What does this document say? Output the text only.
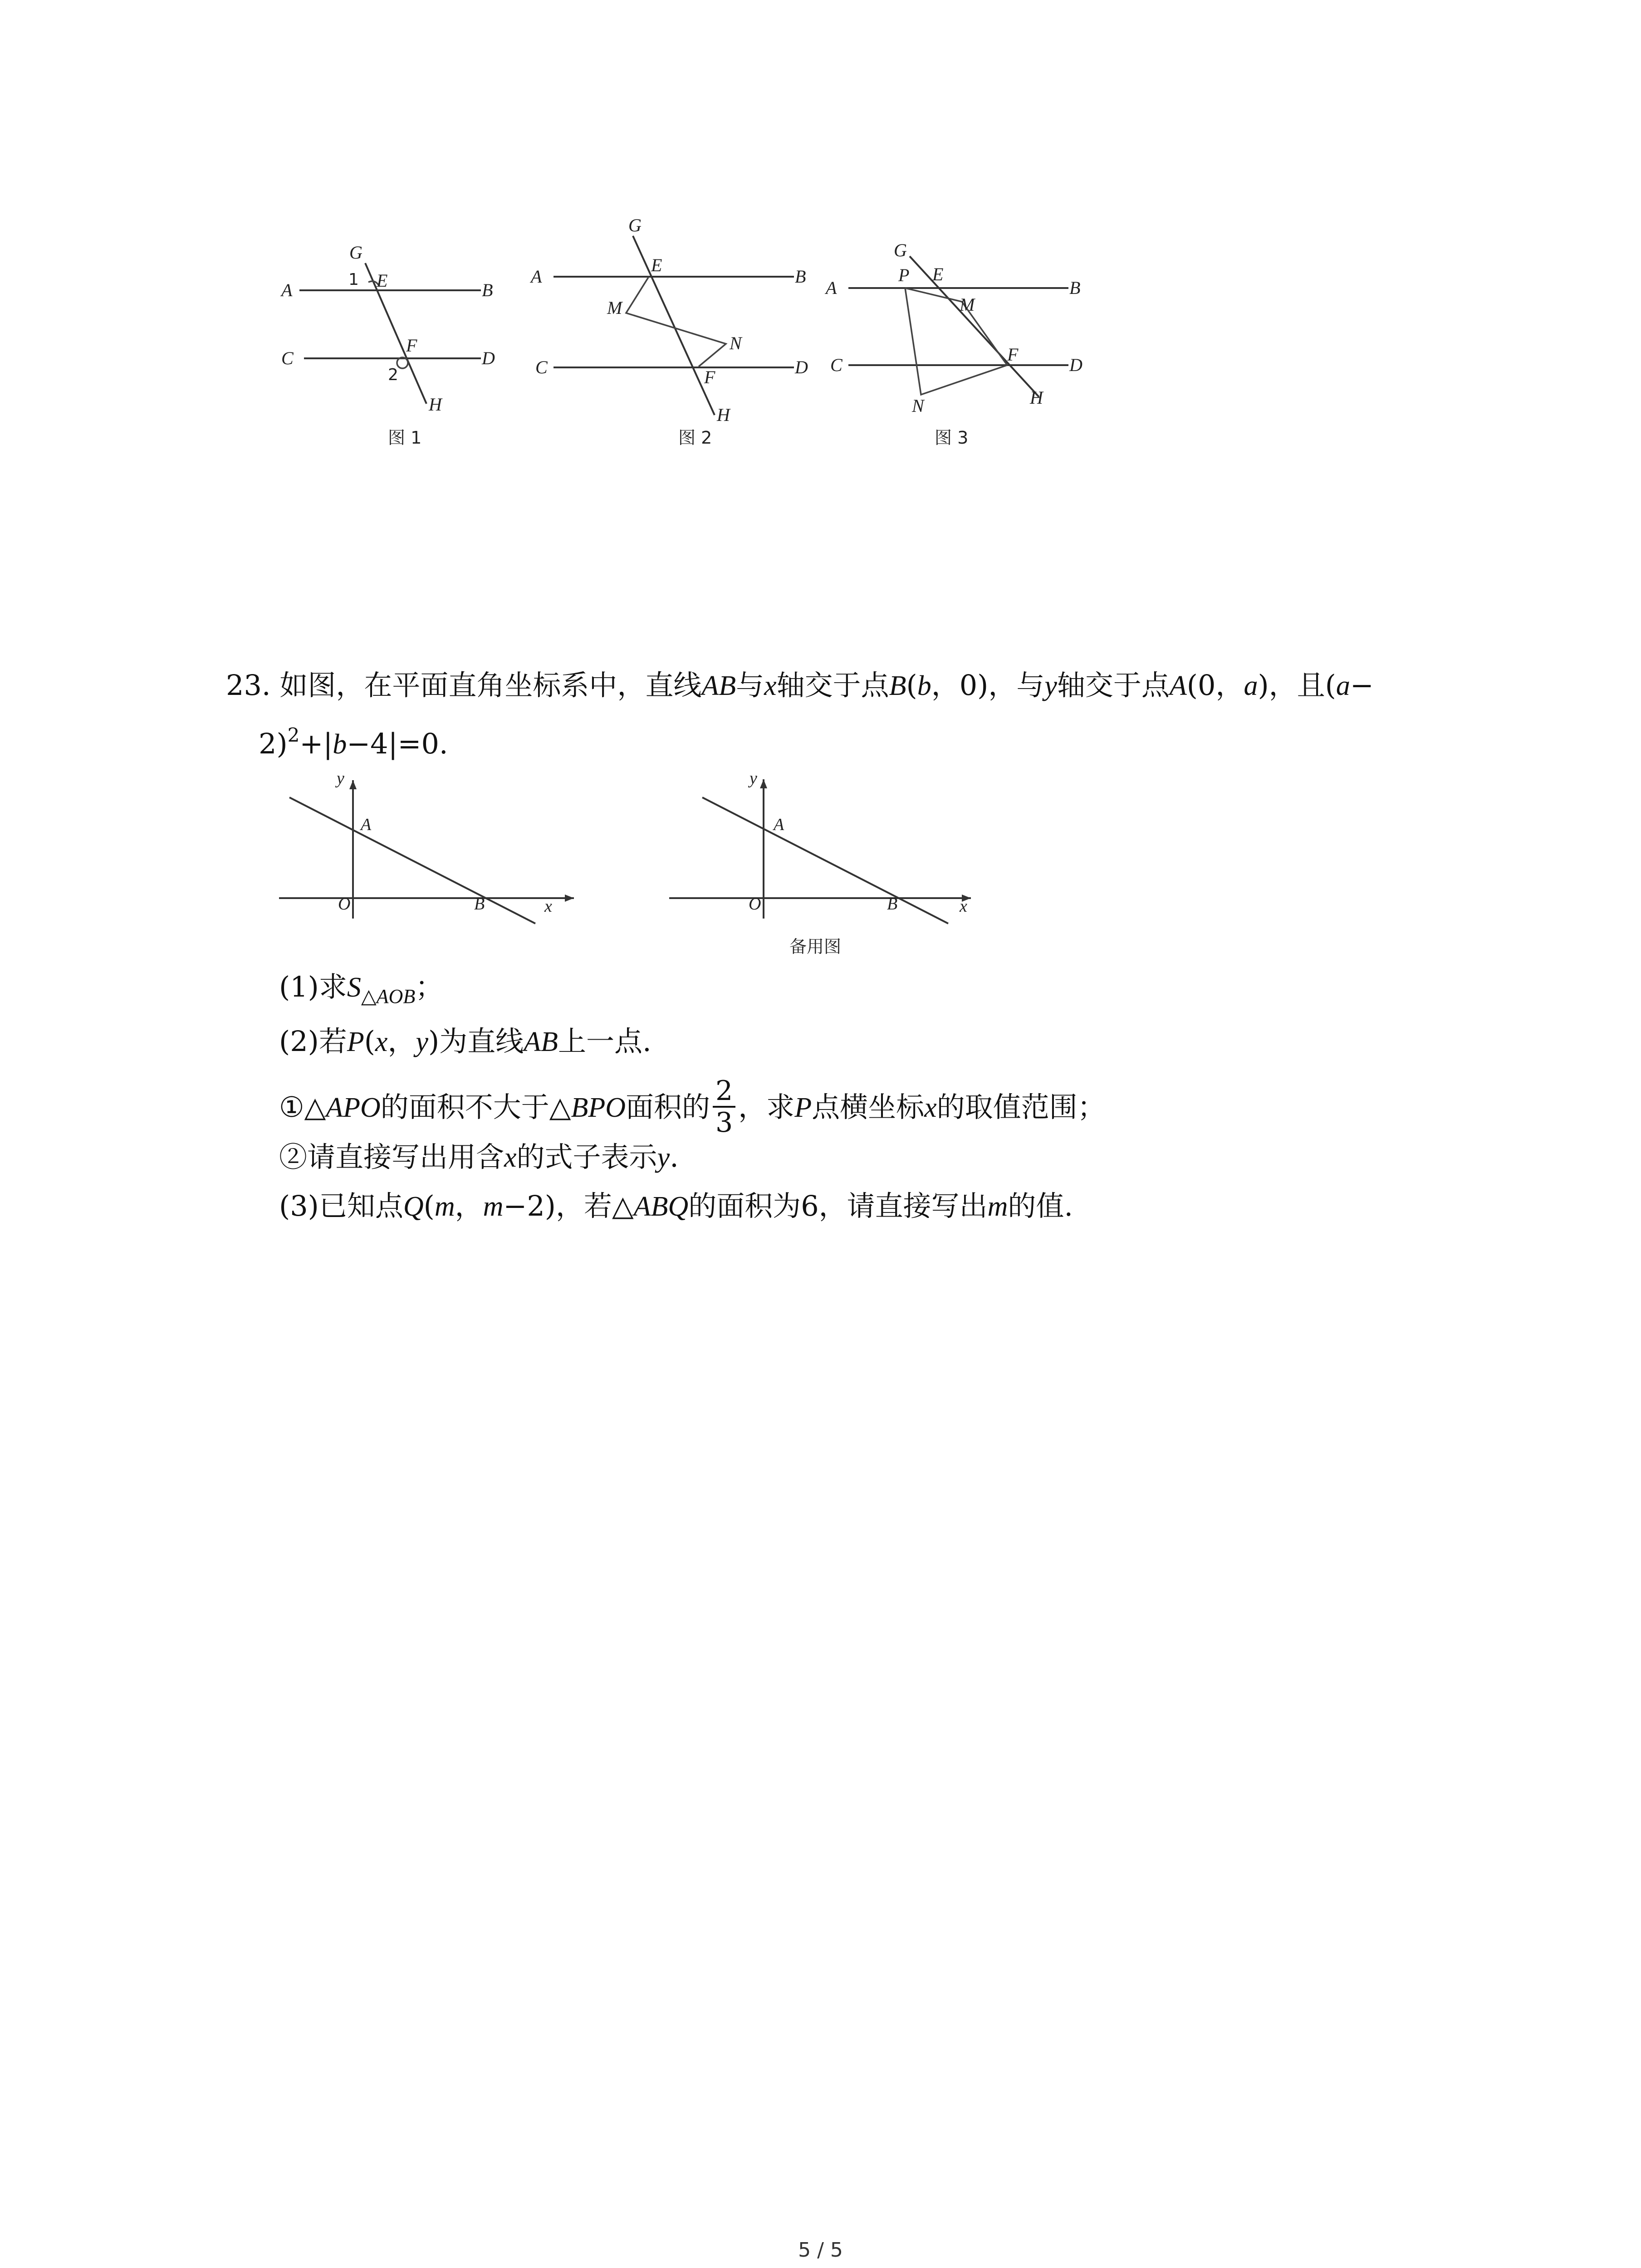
G
1 E
A	B
C
F
D
2
H
图 1
G
A
E
B
M
N
C	F	D
H
图 2
G
P E
A	B
M
C
F
D
N	H
图 3
23. 如图，在平面直角坐标系中，直线AB与x轴交于点B(b，0)，与y轴交于点A(0，a)，且(a−
2)$^2$+|b−4|=0.
y
A
O	B	x
y
A
O	B	x
备用图
(1)求$S_{\triangle AOB}$；
(2)若P(x，y)为直线AB上一点.
①△APO的面积不大于△BPO面积的 $\frac{2}{3}$ ，求P点横坐标x的取值范围；
②请直接写出用含x的式子表示y.
(3)已知点Q(m，m−2)，若△ABQ的面积为6，请直接写出m的值.
5 / 5
